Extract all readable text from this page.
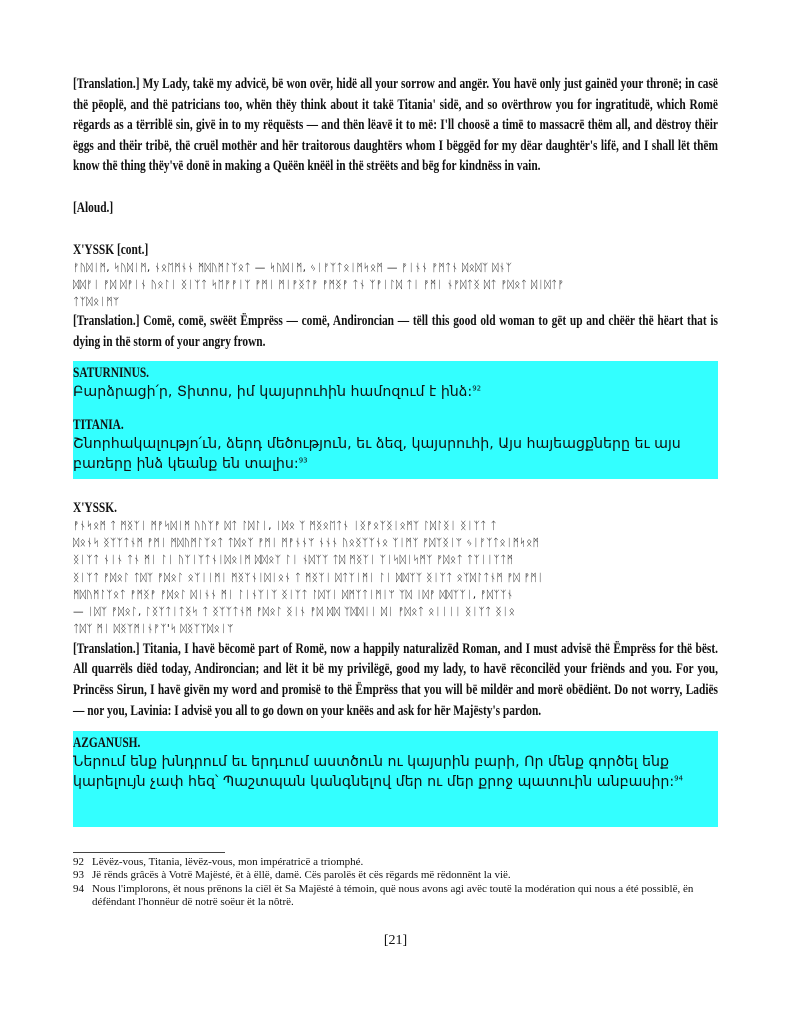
[Translation.] My Lady, takë my advicë, bë won ovër, hidë all your sorrow and angër. You havë only just gainëd your thronë; in casë thë pëoplë, and thë patricians too, whën thëy think about it takë Titania' sidë, and so ovërthrow you for ingratitudë, which Romë rëgards as a tërriblë sin, givë in to my rëquësts — and thën lëavë it to më: I'll choosë a timë to massacrë thëm all, and dëstroy thëir ëggs and thëir tribë, thë cruël mothër and hër traitorous daughtërs whom I bëggëd for my dëar daughtër's lifë, and I shall lët thëm know thë thing thëy'vë donë in making a Quëën knëël in thë strëëts and bëg for kindnëss in vain.
[Aloud.]
X'YSSK [cont.]
ᚠᚢᛞᛁᛗ, ᛋᚢᛞᛁᛗ, ᚾᛟᛖᛗᚾᚾ ᛗᛞᚢᛗᛚᛉᛟᛏ — ᛋᚢᛞᛁᛗ, ᛃᛁᚠᛉᛏᛟᛁᛗᛋᛟᛗ — ᚡᛁᚾᚾ ᚡᛗᛏᚾ ᛞᛟᛞᛉ ᛞᚾᛉ
ᛞᛞᚠᛁ ᚡᛞ ᛞᚡᛁᚾ ᚢᛟᛚᛁ ᛝᛁᛉᛏ ᛋᛖᚡᚡᛁᛉ ᚡᛗᛁ ᛗᛁᚡᛝᛏᚡ ᚡᛗᛝᚡ ᛏᚾ ᛉᚡᛁᛚᛞ ᛏᛁ ᚡᛗᛁ ᚾᚡᛞᛏᛝ ᛞᛏ ᚡᛞᛟᛏ ᛞᛁᛞᛏᚡ
ᛏᛉᛞᛟᛁᛗᛘ
[Translation.] Comë, comë, swëët Ëmprëss — comë, Andironcian — tëll this good old woman to gët up and chëër thë hëart that is dying in thë storm of your angry frown.
SATURNINUS.
Բարձրացի՛ր, Տիտոս, իմ կայսրուհին համոզում է ինձ:$^{92}$
TITANIA.
Շնորհակալությո՛ւն, ձերդ մեծություն, եւ ձեզ, կայսրուհի, Այս հայեացքները եւ այս բառերը ինձ կեանք են տալիս:$^{93}$
X'YSSK.
ᚡᚾᛋᛟᛗ ᛏ ᛗᛝᛉᛁ ᛗᚡᛋᛞᛁᛗ ᚢᚢᛉᚡ ᛞᛏ ᛚᛞᛚᛁ, ᛁᛞᛟ ᛉ ᛗᛝᛟᛖᛏᚾ ᛁᛝᚡᛟᛉᛝᛁᛟᛗᛉ ᛚᛞᛚᛝᛁ ᛝᛁᛉᛏ ᛏ
ᛞᛟᚾᛋ ᛝᛉᛉᛏᚾᛗ ᚡᛗᛁ ᛗᛞᚢᛗᛚᛉᛟᛏ ᛏᛞᛟᛉ ᚡᛗᛁ ᛗᚡᚾᚾᛘ ᚾᚾᚾ ᚢᛟᛝᛉᛉᚾᛟ ᛉᛁᛗᛉ ᚡᛞᛉᛝᛁᛘ ᛃᛁᚠᛉᛏᛟᛁᛗᛋᛟᛗ
ᛝᛁᛉᛏ ᚾᛁᚾ ᛏᚾ ᛗᛁ ᛚᛁ ᚢᛉᛁᛉᛏᚾᛁᛞᛟᛁᛗ ᛞᛞᛟᛉ ᛚᛁ ᚾᛞᛉᛉ ᛏᛞ ᛗᛝᛉᛁ ᛉᛁᛋᛞᛁᛋᛗᛉ ᚡᛞᛟᛏ ᛏᛉᛁᛁᛉᛏᛗ
ᛝᛁᛉᛏ ᚡᛞᛟᛚ ᛏᛞᛉ ᚡᛞᛟᛚ ᛟᛉᛁᛁᛗᛁ ᛗᛝᛉᚾᛁᛞᛁᛟᚾ ᛏ ᛗᛝᛉᛁ ᛞᛏᛉᛁᛗᛁ ᛚᛁ ᛞᛞᛉᛉ ᛝᛁᛉᛏ ᛟᛉᛞᛚᛏᚾᛗ ᚡᛞ ᚡᛗᛁ
ᛗᛞᚢᛗᛚᛉᛟᛏ ᚡᛗᛝᚡ ᚡᛞᛟᛚ ᛞᛁᚾᚾ ᛗᛁ ᛚᛁᚾᛉᛁᛉ ᛝᛁᛉᛏ ᛚᛞᛉᛁ ᛞᛗᛉᛏᛁᛗᛁᛘ ᛉᛞ ᛁᛞᚡ ᛞᛞᛉᛉᛁ, ᚡᛞᛉᛉᚾ
— ᛁᛞᛉ ᚡᛞᛟᛚ, ᛚᛝᛉᛏᛁᛏᛝᛋ ᛏ ᛝᛉᛉᛏᚾᛗ ᚡᛞᛟᛚ ᛝᛁᚾ ᚡᛞ ᛞᛞ ᛉᛞᛞᛁᛁ ᛞᛁ ᚡᛞᛟᛏ ᛟᛁᛁᛁᛁ ᛝᛁᛉᛏ ᛝᛁᛟ
ᛏᛞᛉ ᛗᛁ ᛞᛝᛉᛗᛁᚾᚡᛉ'ᛋ ᛞᛝᛉᛉᛞᛟᛁᛘ
[Translation.] Titania, I havë bëcomë part of Romë, now a happily naturalizëd Roman, and I must advisë thë Ëmprëss for thë bëst. All quarrëls diëd today, Andironcian; and lët it bë my privilëgë, good my lady, to havë rëconcilëd your friënds and you. For you, Princëss Sirun, I havë givën my word and promisë to thë Ëmprëss that you will bë mildër and morë obëdiënt. Do not worry, Ladiës — nor you, Lavinia: I advisë you all to go down on your knëës and ask for hër Majësty's pardon.
AZGANUSH.
Ներում ենք խնդրում եւ երդւում աստծուն ու կայսրին բարի, Որ մենք գործել ենք կարելույն չափ հեզ՝ Պաշտպան կանգնելով մեր ու մեր քրոջ պատուին անբասիր:$^{94}$
92 Lëvëz-vous, Titania, lëvëz-vous, mon impératricë a triomphé.
93 Jë rënds grâcës à Votrë Majësté, ët à ëllë, damë. Cës parolës ët cës rëgards më rëdonnënt la vië.
94 Nous l'implorons, ët nous prënons la ciël ët Sa Majësté à témoin, quë nous avons agi avëc toutë la modération qui nous a été possiblë, ën défëndant l'honnëur dë notrë soëur ët la nôtrë.
[21]
